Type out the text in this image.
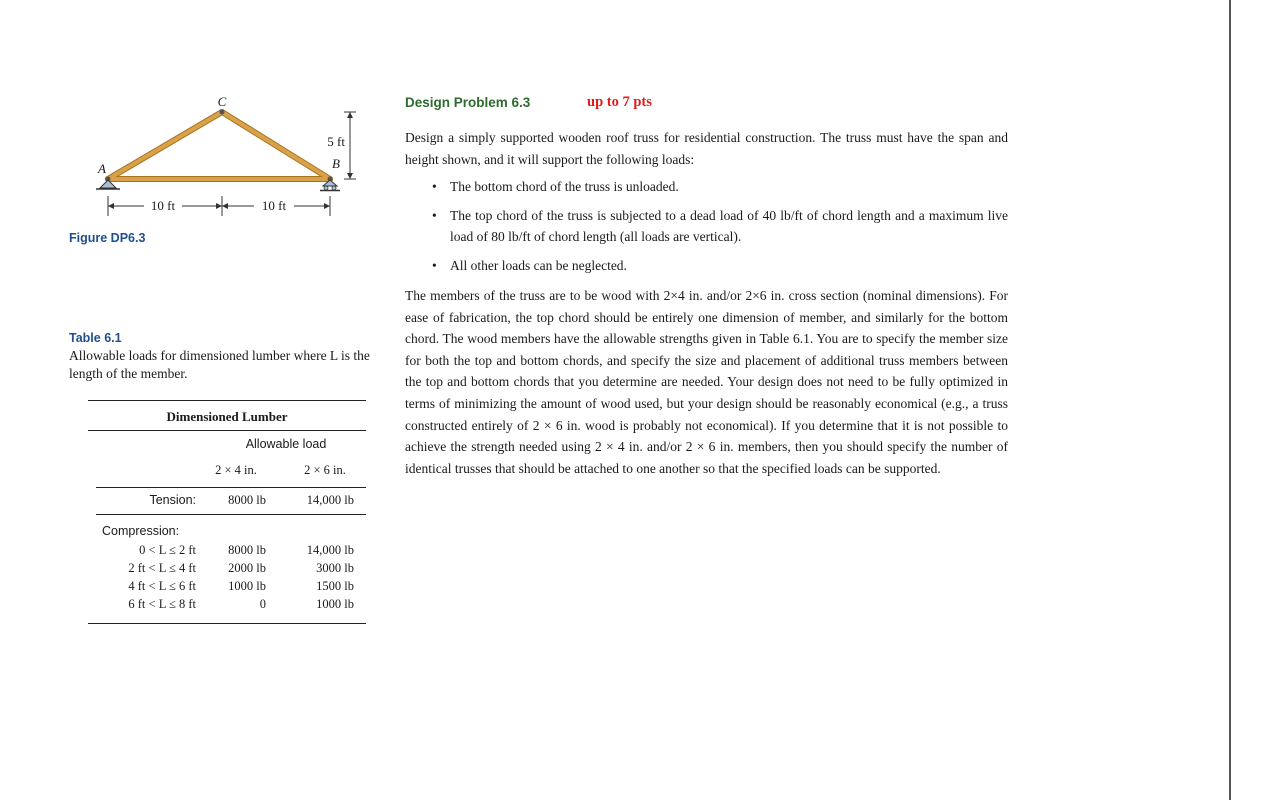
5 ft
10 ft	10 ft
A
C
B
Figure DP6.3
Table 6.1
Allowable loads for dimensioned lumber where L is the length of the member.
Dimensioned Lumber
Allowable load
2 × 4 in.	2 × 6 in.
Tension:	8000 lb	14,000 lb
Compression:
0 < L ≤ 2 ft	8000 lb	14,000 lb
2 ft < L ≤ 4 ft	2000 lb	3000 lb
4 ft < L ≤ 6 ft	1000 lb	1500 lb
6 ft < L ≤ 8 ft	0	1000 lb
Design Problem 6.3	up to 7 pts

Design a simply supported wooden roof truss for residential construction. The truss must have the span and height shown, and it will support the following loads:

• The bottom chord of the truss is unloaded.
• The top chord of the truss is subjected to a dead load of 40 lb/ft of chord length and a maximum live load of 80 lb/ft of chord length (all loads are vertical).
• All other loads can be neglected.

The members of the truss are to be wood with 2×4 in. and/or 2×6 in. cross section (nominal dimensions). For ease of fabrication, the top chord should be entirely one dimension of member, and similarly for the bottom chord. The wood members have the allowable strengths given in Table 6.1. You are to specify the member size for both the top and bottom chords, and specify the size and placement of additional truss members between the top and bottom chords that you determine are needed. Your design does not need to be fully optimized in terms of minimizing the amount of wood used, but your design should be reasonably economical (e.g., a truss constructed entirely of 2 × 6 in. wood is probably not economical). If you determine that it is not possible to achieve the strength needed using 2 × 4 in. and/or 2 × 6 in. members, then you should specify the number of identical trusses that should be attached to one another so that the specified loads can be supported.
